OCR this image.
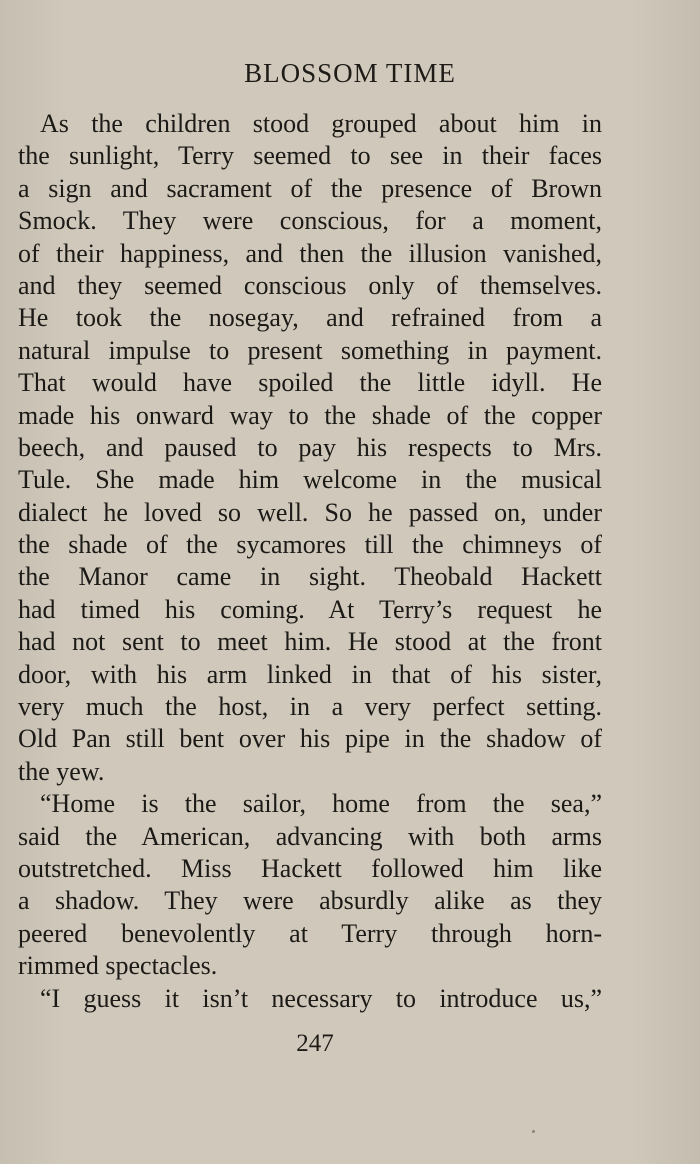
BLOSSOM TIME
As the children stood grouped about him in
the sunlight, Terry seemed to see in their faces
a sign and sacrament of the presence of Brown
Smock. They were conscious, for a moment,
of their happiness, and then the illusion vanished,
and they seemed conscious only of themselves.
He took the nosegay, and refrained from a
natural impulse to present something in payment.
That would have spoiled the little idyll. He
made his onward way to the shade of the copper
beech, and paused to pay his respects to Mrs.
Tule. She made him welcome in the musical
dialect he loved so well. So he passed on, under
the shade of the sycamores till the chimneys of
the Manor came in sight. Theobald Hackett
had timed his coming. At Terry’s request he
had not sent to meet him. He stood at the front
door, with his arm linked in that of his sister,
very much the host, in a very perfect setting.
Old Pan still bent over his pipe in the shadow of
the yew.
“Home is the sailor, home from the sea,”
said the American, advancing with both arms
outstretched. Miss Hackett followed him like
a shadow. They were absurdly alike as they
peered benevolently at Terry through horn-
rimmed spectacles.
“I guess it isn’t necessary to introduce us,”
247
